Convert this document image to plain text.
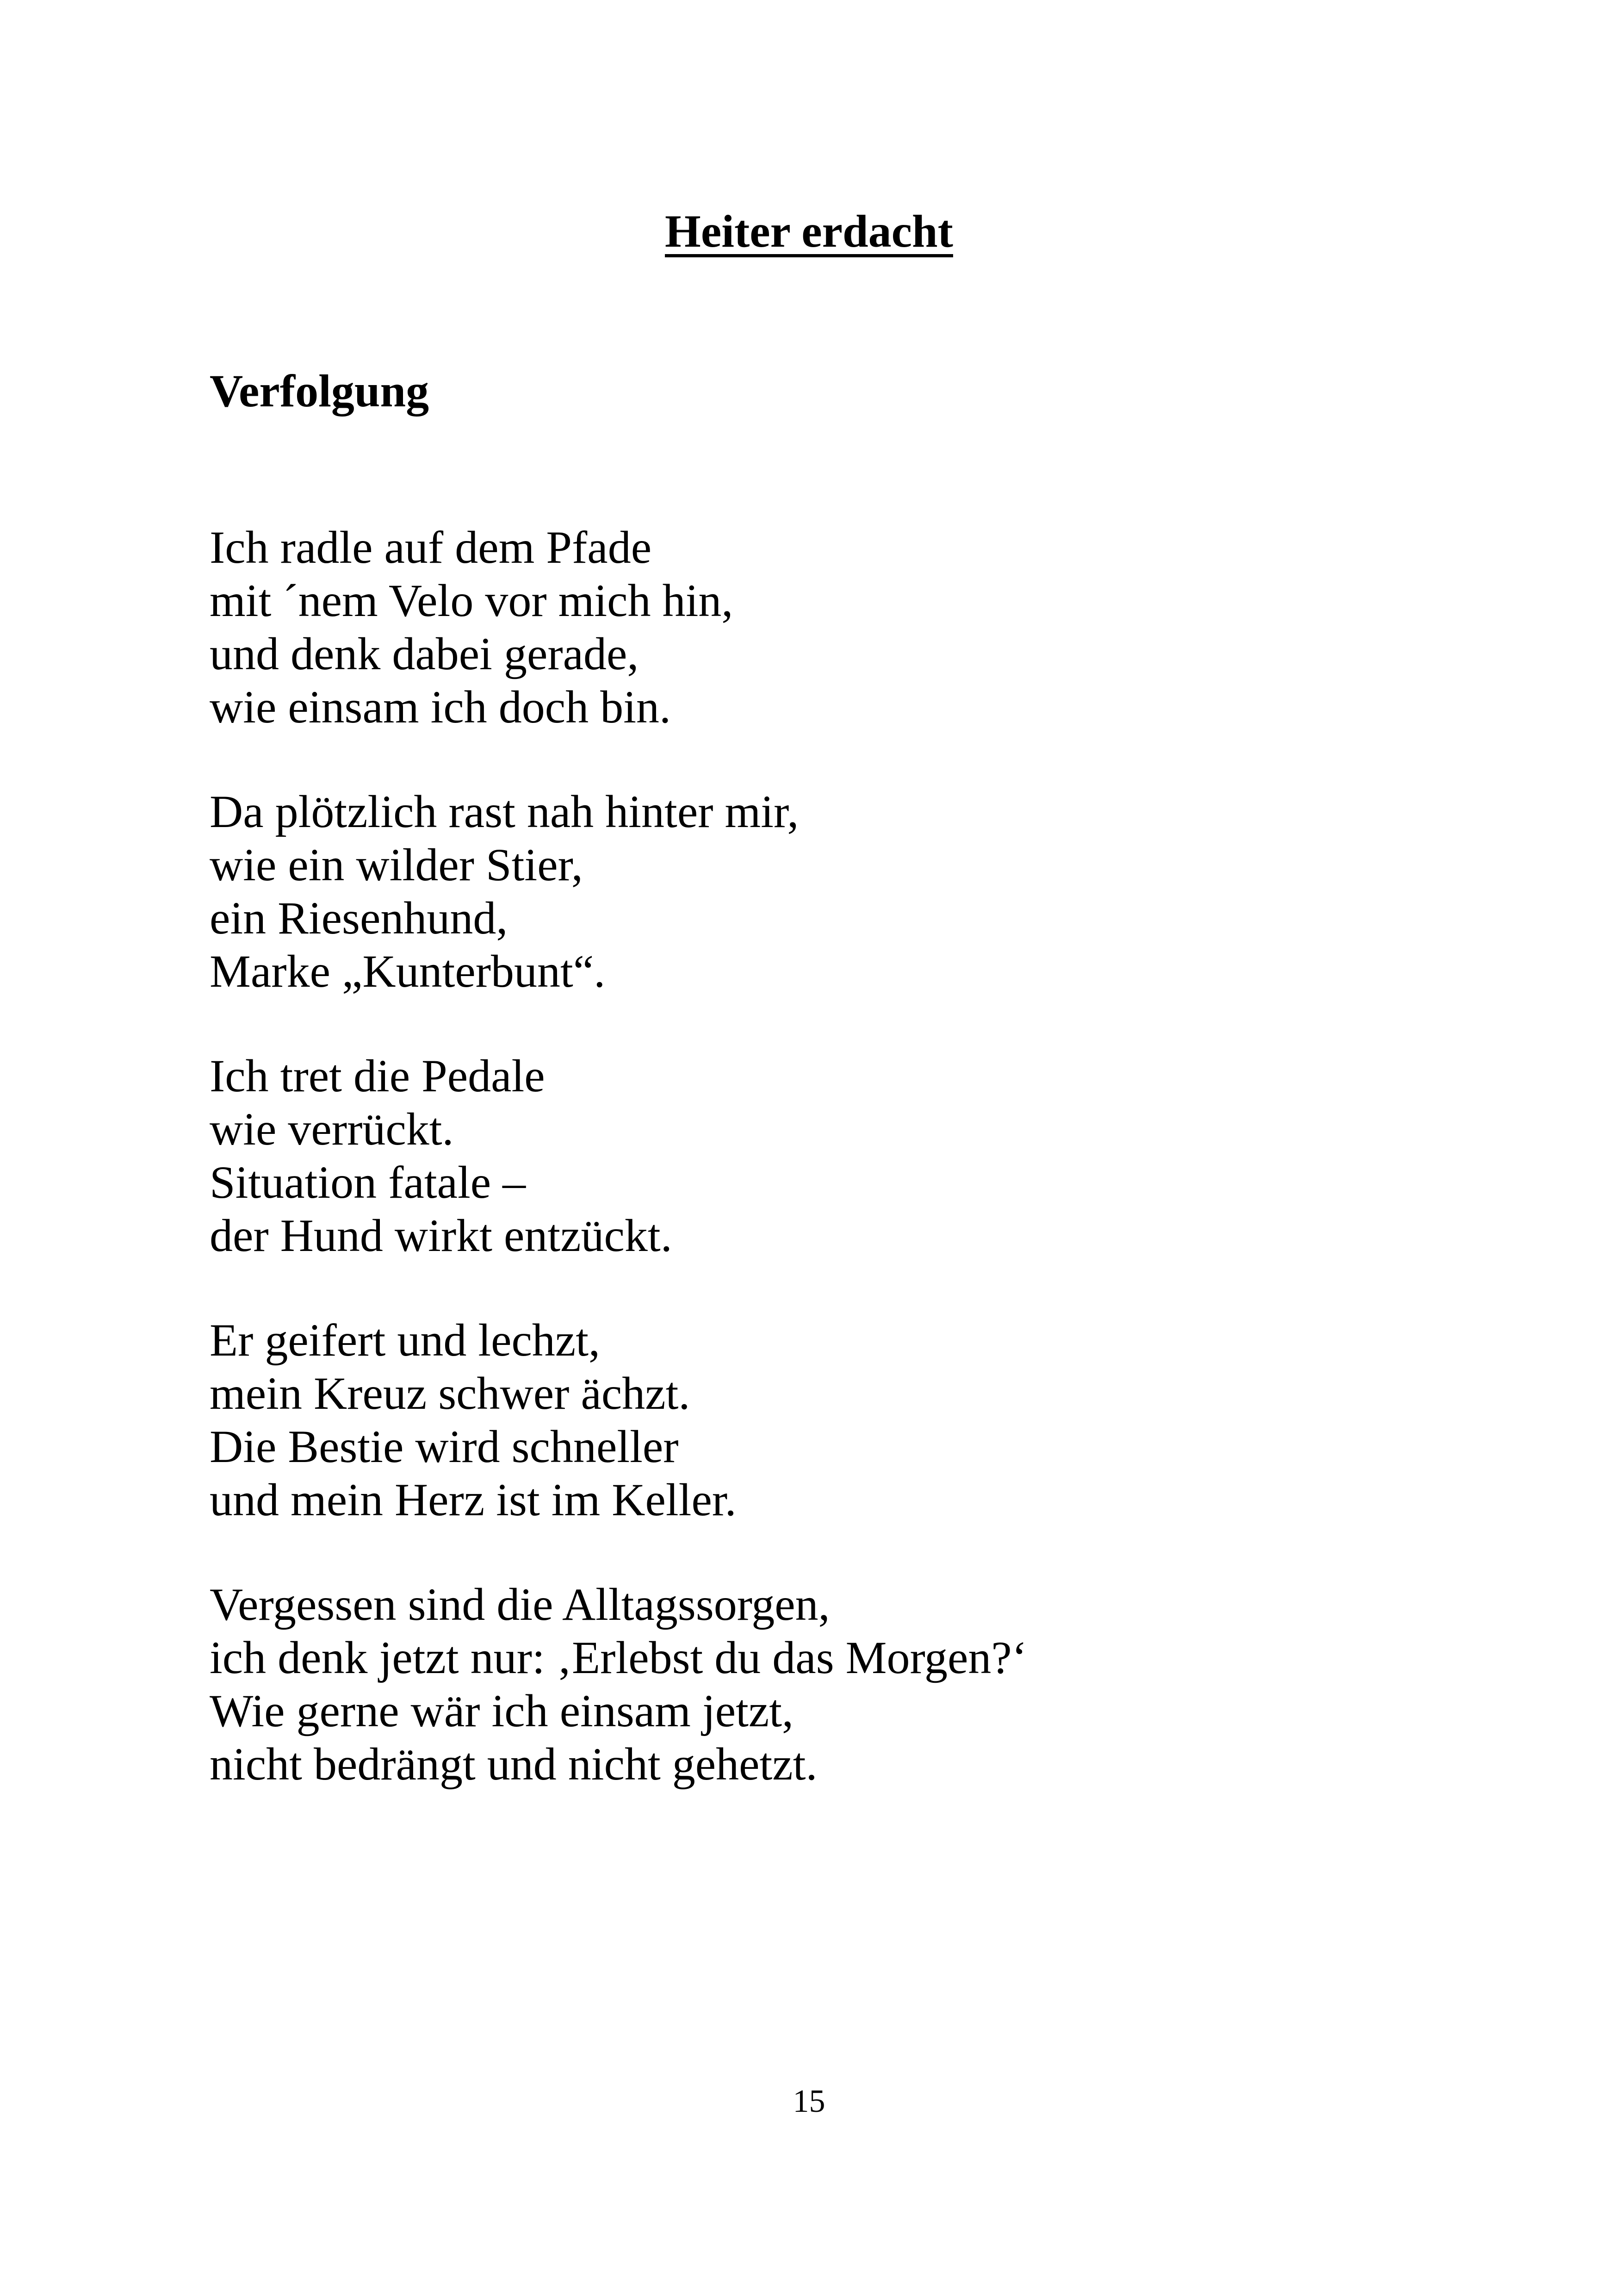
Heiter erdacht
Verfolgung
Ich radle auf dem Pfade
mit ´nem Velo vor mich hin,
und denk dabei gerade,
wie einsam ich doch bin.
Da plötzlich rast nah hinter mir,
wie ein wilder Stier,
ein Riesenhund,
Marke „Kunterbunt“.
Ich tret die Pedale
wie verrückt.
Situation fatale –
der Hund wirkt entzückt.
Er geifert und lechzt,
mein Kreuz schwer ächzt.
Die Bestie wird schneller
und mein Herz ist im Keller.
Vergessen sind die Alltagssorgen,
ich denk jetzt nur: ‚Erlebst du das Morgen?‘
Wie gerne wär ich einsam jetzt,
nicht bedrängt und nicht gehetzt.

15
